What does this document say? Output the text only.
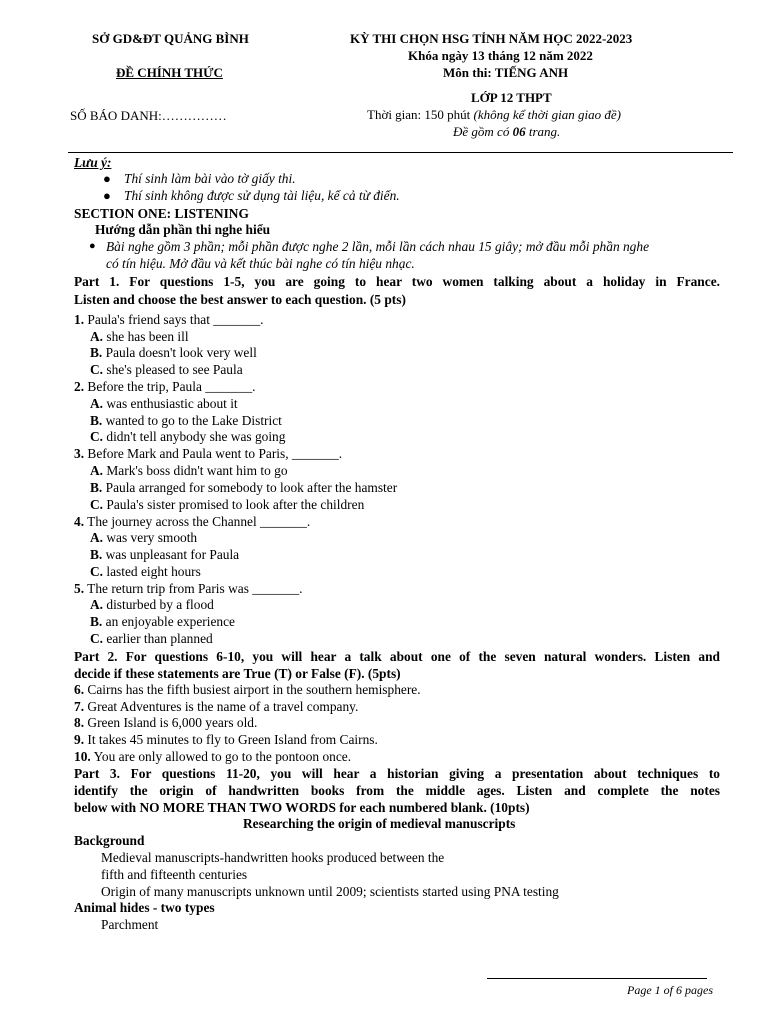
SỞ GD&ĐT QUẢNG BÌNH
ĐỀ CHÍNH THỨC
SỐ BÁO DANH:……………
KỲ THI CHỌN HSG TỈNH NĂM HỌC 2022-2023
Khóa ngày 13 tháng 12 năm 2022
Môn thi: TIẾNG ANH
LỚP 12 THPT
Thời gian: 150 phút (không kể thời gian giao đề)
Đề gồm có 06 trang.
Lưu ý:
● Thí sinh làm bài vào tờ giấy thi.
● Thí sinh không được sử dụng tài liệu, kể cả từ điển.
SECTION ONE: LISTENING
Hướng dẫn phần thi nghe hiểu
● Bài nghe gồm 3 phần; mỗi phần được nghe 2 lần, mỗi lần cách nhau 15 giây; mở đầu mỗi phần nghe
có tín hiệu. Mở đầu và kết thúc bài nghe có tín hiệu nhạc.
Part 1. For questions 1-5, you are going to hear two women talking about a holiday in France.
Listen and choose the best answer to each question. (5 pts)
1. Paula's friend says that _______.
A. she has been ill
B. Paula doesn't look very well
C. she's pleased to see Paula
2. Before the trip, Paula _______.
A. was enthusiastic about it
B. wanted to go to the Lake District
C. didn't tell anybody she was going
3. Before Mark and Paula went to Paris, _______.
A. Mark's boss didn't want him to go
B. Paula arranged for somebody to look after the hamster
C. Paula's sister promised to look after the children
4. The journey across the Channel _______.
A. was very smooth
B. was unpleasant for Paula
C. lasted eight hours
5. The return trip from Paris was _______.
A. disturbed by a flood
B. an enjoyable experience
C. earlier than planned
Part 2. For questions 6-10, you will hear a talk about one of the seven natural wonders. Listen and
decide if these statements are True (T) or False (F). (5pts)
6. Cairns has the fifth busiest airport in the southern hemisphere.
7. Great Adventures is the name of a travel company.
8. Green Island is 6,000 years old.
9. It takes 45 minutes to fly to Green Island from Cairns.
10. You are only allowed to go to the pontoon once.
Part 3. For questions 11-20, you will hear a historian giving a presentation about techniques to
identify the origin of handwritten books from the middle ages. Listen and complete the notes
below with NO MORE THAN TWO WORDS for each numbered blank. (10pts)
Researching the origin of medieval manuscripts
Background
Medieval manuscripts-handwritten hooks produced between the
fifth and fifteenth centuries
Origin of many manuscripts unknown until 2009; scientists started using PNA testing
Animal hides - two types
Parchment
Page 1 of 6 pages
